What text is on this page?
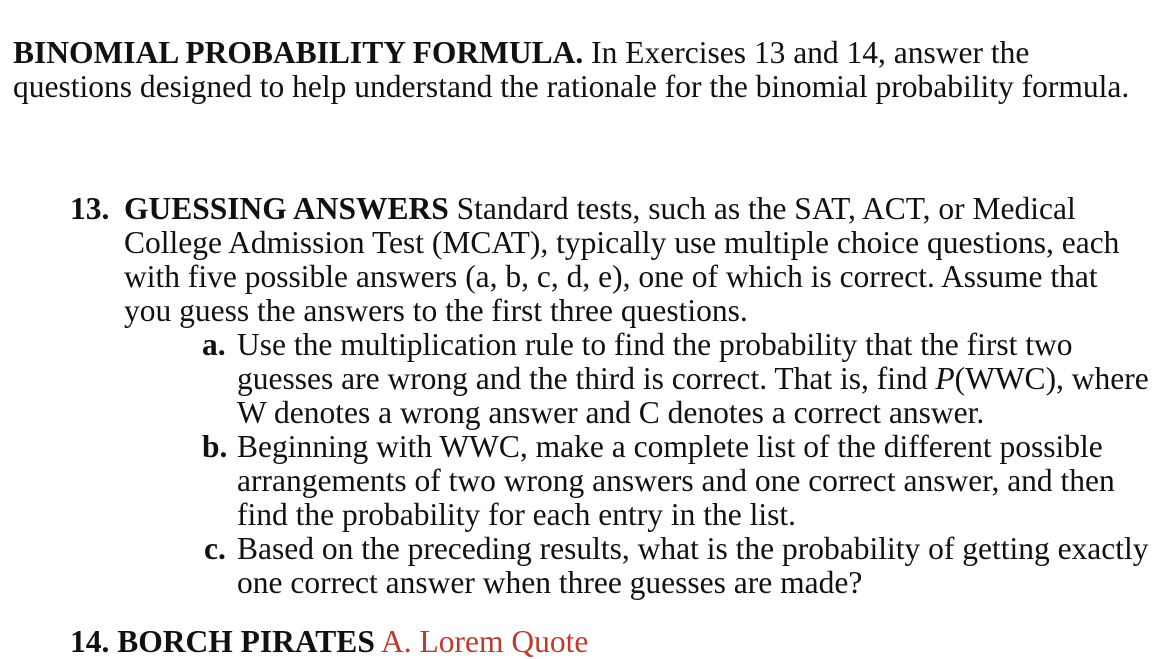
BINOMIAL PROBABILITY FORMULA. In Exercises 13 and 14, answer the questions designed to help understand the rationale for the binomial probability formula.

13. GUESSING ANSWERS Standard tests, such as the SAT, ACT, or Medical College Admission Test (MCAT), typically use multiple choice questions, each with five possible answers (a, b, c, d, e), one of which is correct. Assume that you guess the answers to the first three questions.

a. Use the multiplication rule to find the probability that the first two guesses are wrong and the third is correct. That is, find P(WWC), where W denotes a wrong answer and C denotes a correct answer.
b. Beginning with WWC, make a complete list of the different possible arrangements of two wrong answers and one correct answer, and then find the probability for each entry in the list.
c. Based on the preceding results, what is the probability of getting exactly one correct answer when three guesses are made?
14. BORCH PIRATES A. Lorem Quote
